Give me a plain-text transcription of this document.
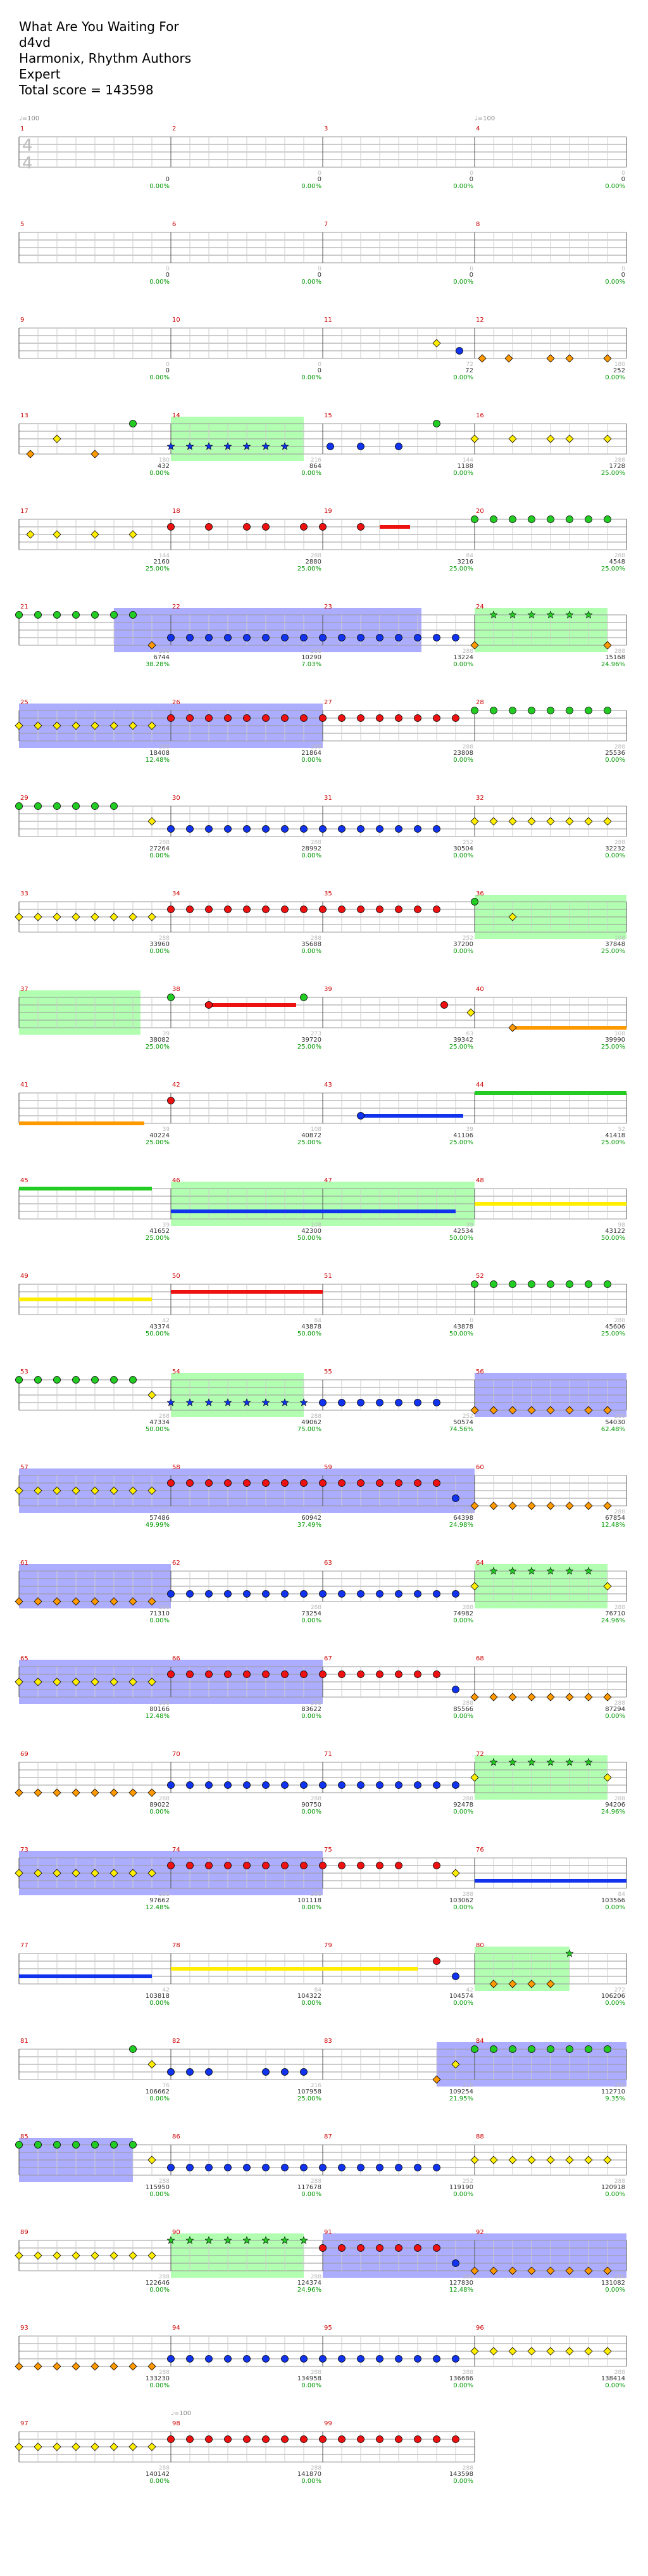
What Are You Waiting For
d4vd
Harmonix, Rhythm Authors
Expert
Total score = 143598
1
0
0.00%
2
0
0
0.00%
3
0
0
0.00%
4
0
0
0.00%
5
0
0
0.00%
6
0
0
0.00%
7
0
0
0.00%
8
0
0
0.00%
9
0
0
0.00%
10
0
0
0.00%
11
72
72
0.00%
12
180
252
0.00%
13
180
432
0.00%
14
216
864
0.00%
15
144
1188
0.00%
16
288
1728
25.00%
17
144
2160
25.00%
18
288
2880
25.00%
19
84
3216
25.00%
20
288
4548
25.00%
21
288
6744
38.28%
22
288
10290
7.03%
23
288
13224
0.00%
24
288
15168
24.96%
25
288
18408
12.48%
26
288
21864
0.00%
27
288
23808
0.00%
28
288
25536
0.00%
29
288
27264
0.00%
30
288
28992
0.00%
31
252
30504
0.00%
32
288
32232
0.00%
33
288
33960
0.00%
34
288
35688
0.00%
35
252
37200
0.00%
36
108
37848
25.00%
37
39
38082
25.00%
38
273
39720
25.00%
39
63
39342
25.00%
40
108
39990
25.00%
41
39
40224
25.00%
42
108
40872
25.00%
43
39
41106
25.00%
44
52
41418
25.00%
45
39
41652
25.00%
46
108
42300
50.00%
47
39
42534
50.00%
48
98
43122
50.00%
49
42
43374
50.00%
50
84
43878
50.00%
51
0
43878
50.00%
52
288
45606
25.00%
53
288
47334
50.00%
54
288
49062
75.00%
55
252
50574
74.56%
56
288
54030
62.48%
57
288
57486
49.99%
58
288
60942
37.49%
59
288
64398
24.98%
60
288
67854
12.48%
61
288
71310
0.00%
62
288
73254
0.00%
63
288
74982
0.00%
64
288
76710
24.96%
65
288
80166
12.48%
66
288
83622
0.00%
67
288
85566
0.00%
68
288
87294
0.00%
69
288
89022
0.00%
70
288
90750
0.00%
71
288
92478
0.00%
72
288
94206
24.96%
73
288
97662
12.48%
74
288
101118
0.00%
75
288
103062
0.00%
76
84
103566
0.00%
77
42
103818
0.00%
78
84
104322
0.00%
79
42
104574
0.00%
80
272
106206
0.00%
81
76
106662
0.00%
82
216
107958
25.00%
83
216
109254
21.95%
84
288
112710
9.35%
85
288
115950
0.00%
86
288
117678
0.00%
87
252
119190
0.00%
88
288
120918
0.00%
89
288
122646
0.00%
90
288
124374
24.96%
91
288
127830
12.48%
92
288
131082
0.00%
93
288
133230
0.00%
94
288
134958
0.00%
95
288
136686
0.00%
96
288
138414
0.00%
97
288
140142
0.00%
98
288
141870
0.00%
99
288
143598
0.00%
4
4
♩=100	♩=100
♩=100
